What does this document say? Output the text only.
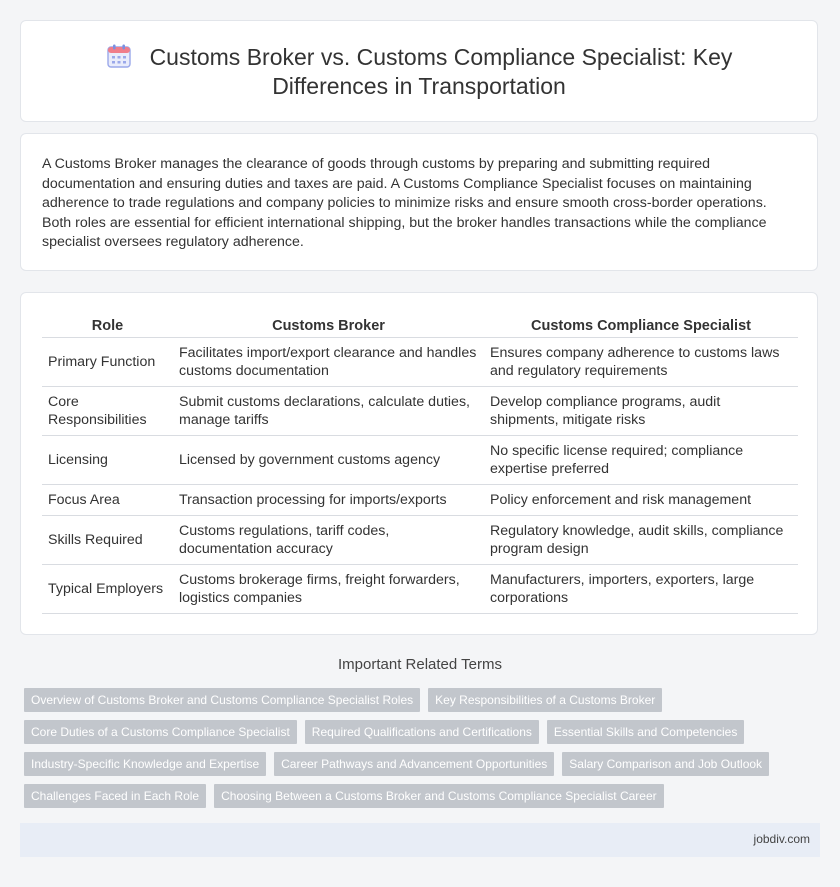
Customs Broker vs. Customs Compliance Specialist: Key
Differences in Transportation

A Customs Broker manages the clearance of goods through customs by preparing and submitting required documentation and ensuring duties and taxes are paid. A Customs Compliance Specialist focuses on maintaining adherence to trade regulations and company policies to minimize risks and ensure smooth cross-border operations. Both roles are essential for efficient international shipping, but the broker handles transactions while the compliance specialist oversees regulatory adherence.

Role	Customs Broker	Customs Compliance Specialist
Primary Function	Facilitates import/export clearance and handles customs documentation	Ensures company adherence to customs laws and regulatory requirements
Core Responsibilities	Submit customs declarations, calculate duties, manage tariffs	Develop compliance programs, audit shipments, mitigate risks
Licensing	Licensed by government customs agency	No specific license required; compliance expertise preferred
Focus Area	Transaction processing for imports/exports	Policy enforcement and risk management
Skills Required	Customs regulations, tariff codes, documentation accuracy	Regulatory knowledge, audit skills, compliance program design
Typical Employers	Customs brokerage firms, freight forwarders, logistics companies	Manufacturers, importers, exporters, large corporations
Important Related Terms
Overview of Customs Broker and Customs Compliance Specialist Roles	Key Responsibilities of a Customs Broker
Core Duties of a Customs Compliance Specialist	Required Qualifications and Certifications	Essential Skills and Competencies
Industry-Specific Knowledge and Expertise	Career Pathways and Advancement Opportunities	Salary Comparison and Job Outlook
Challenges Faced in Each Role	Choosing Between a Customs Broker and Customs Compliance Specialist Career
jobdiv.com
